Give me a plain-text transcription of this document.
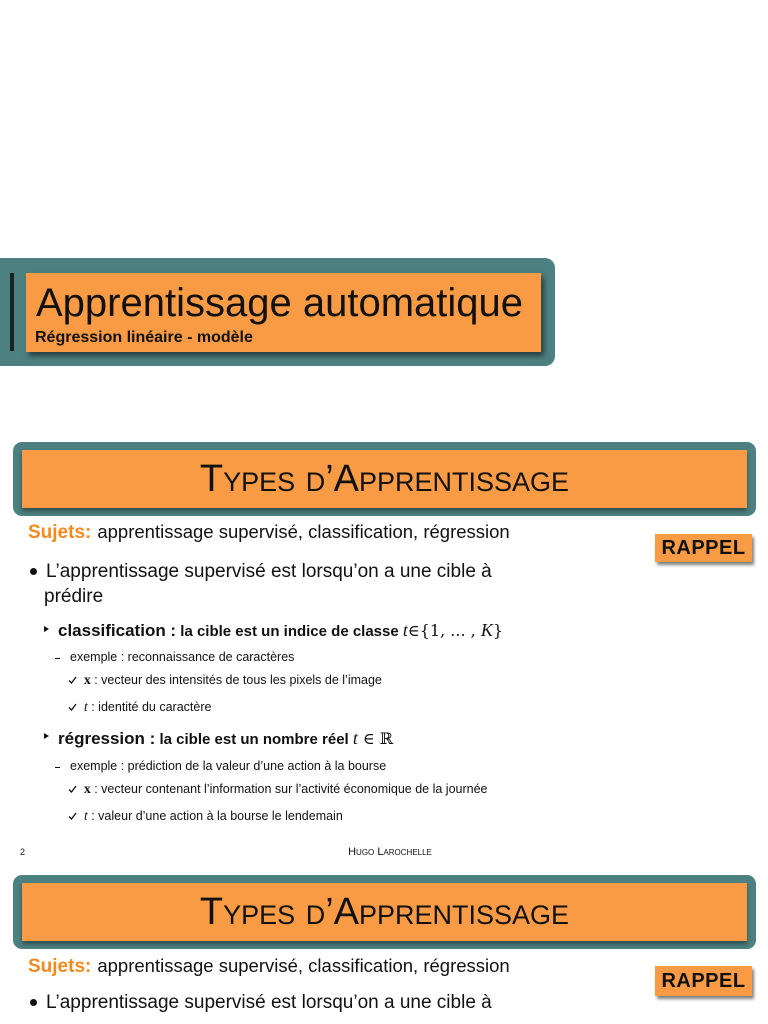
Apprentissage automatique
Régression linéaire - modèle
Types d’Apprentissage
Sujets: apprentissage supervisé, classification, régression
RAPPEL
L’apprentissage supervisé est lorsqu’on a une cible à
prédire
classification : la cible est un indice de classe t∈{1, ... , K}
exemple : reconnaissance de caractères
x : vecteur des intensités de tous les pixels de l’image
t : identité du caractère
régression : la cible est un nombre réel t ∈ ℝ
exemple : prédiction de la valeur d’une action à la bourse
x : vecteur contenant l’information sur l’activité économique de la journée
t : valeur d’une action à la bourse le lendemain
2	Hugo Larochelle
Types d’Apprentissage
Sujets: apprentissage supervisé, classification, régression
RAPPEL
L’apprentissage supervisé est lorsqu’on a une cible à
